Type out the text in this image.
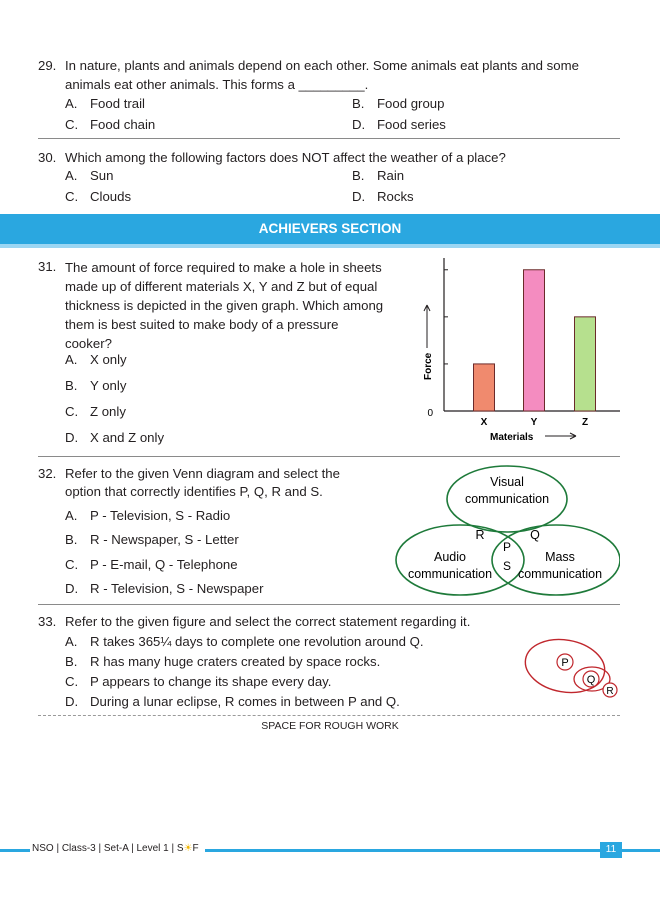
29. In nature, plants and animals depend on each other. Some animals eat plants and some
animals eat other animals. This forms a _________.
A. Food trail	B. Food group
C. Food chain	D. Food series
30. Which among the following factors does NOT affect the weather of a place?
A. Sun	B. Rain
C. Clouds	D. Rocks
ACHIEVERS SECTION
31. The amount of force required to make a hole in sheets
made up of different materials X, Y and Z but of equal
thickness is depicted in the given graph. Which among
them is best suited to make body of a pressure
cooker?
A. X only
B. Y only
C. Z only
D. X and Z only
X	Y	Z
0
Force
Materials
32. Refer to the given Venn diagram and select the
option that correctly identifies P, Q, R and S.
A. P - Television, S - Radio
B. R - Newspaper, S - Letter
C. P - E-mail, Q - Telephone
D. R - Television, S - Newspaper
Visual
communication
Audio
communication
Mass
communication
R	Q
P
S
33. Refer to the given figure and select the correct statement regarding it.
A. R takes 365¼ days to complete one revolution around Q.
B. R has many huge craters created by space rocks.
C. P appears to change its shape every day.
D. During a lunar eclipse, R comes in between P and Q.
P
Q
R
SPACE FOR ROUGH WORK
NSO | Class-3 | Set-A | Level 1 | S☀F	11
